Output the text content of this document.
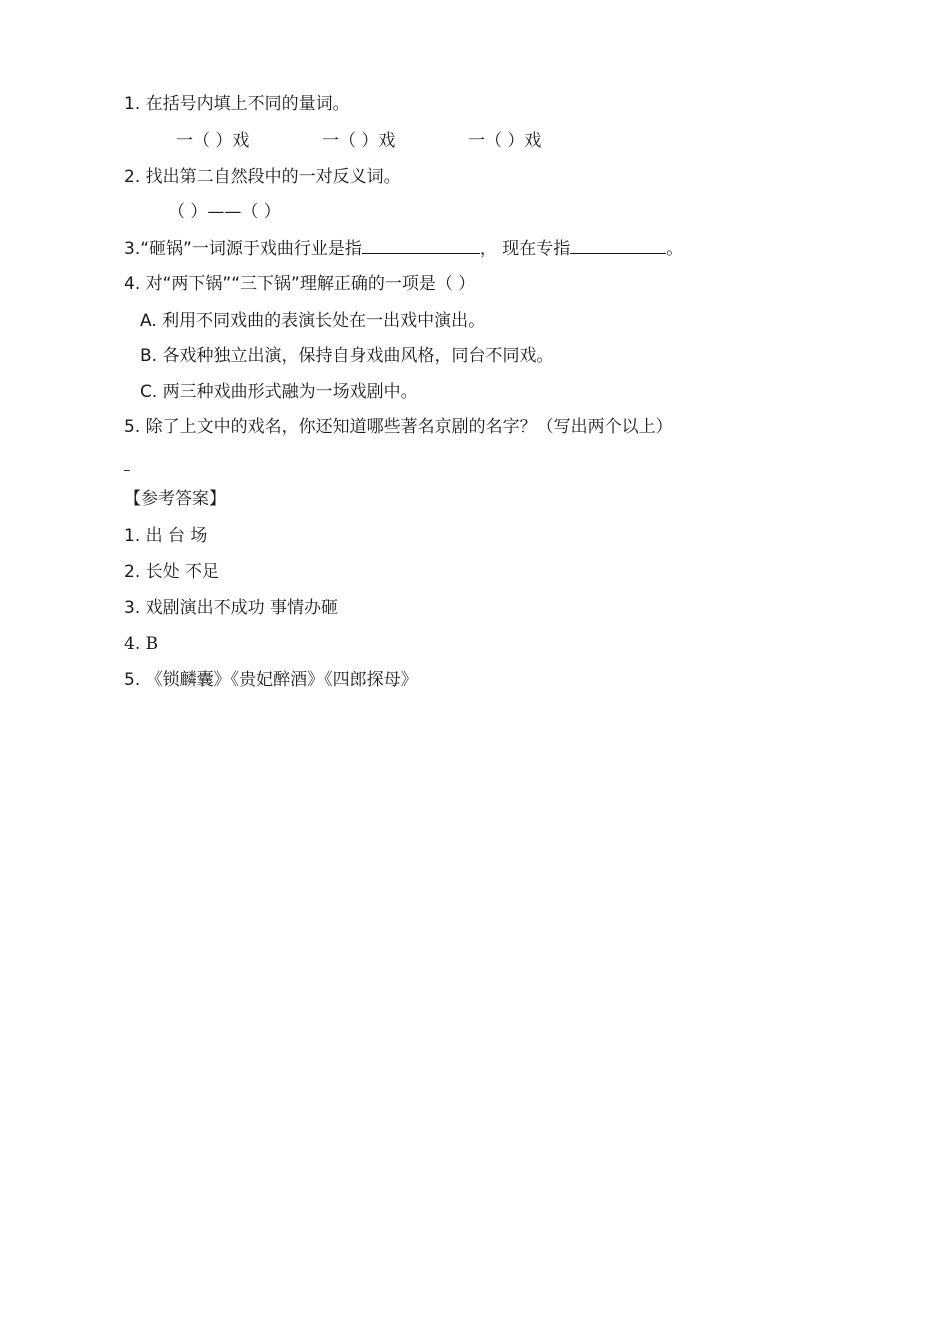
1. 在括号内填上不同的量词。
一（ ）戏	一（ ）戏	一（ ）戏
2. 找出第二自然段中的一对反义词。
（ ）——（ ）
3.“砸锅”一词源于戏曲行业是指	， 现在专指	。
4. 对“两下锅”“三下锅”理解正确的一项是（ ）
A. 利用不同戏曲的表演长处在一出戏中演出。
B. 各戏种独立出演，保持自身戏曲风格，同台不同戏。
C. 两三种戏曲形式融为一场戏剧中。
5. 除了上文中的戏名，你还知道哪些著名京剧的名字？（写出两个以上）
【参考答案】
1. 出 台 场
2. 长处 不足
3. 戏剧演出不成功 事情办砸
4. B
5. 《锁麟囊》《贵妃醉酒》《四郎探母》
